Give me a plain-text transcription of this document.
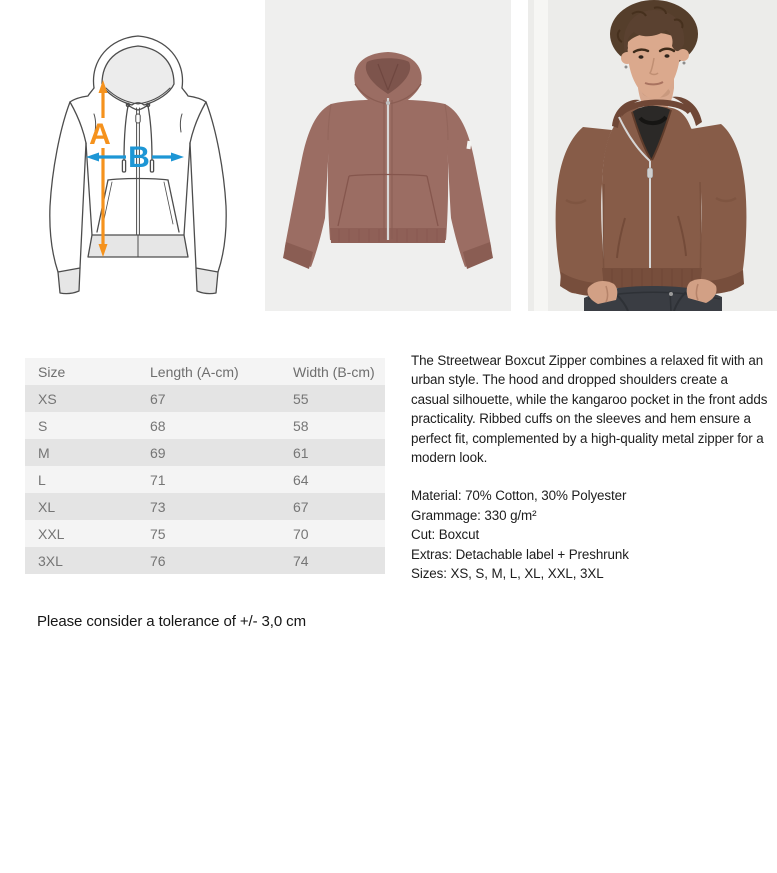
A
B
Size	Length (A-cm)	Width (B-cm)
XS	67	55
S	68	58
M	69	61
L	71	64
XL	73	67
XXL	75	70
3XL	76	74

The Streetwear Boxcut Zipper combines a relaxed fit with an urban style. The hood and dropped shoulders create a casual silhouette, while the kangaroo pocket in the front adds practicality. Ribbed cuffs on the sleeves and hem ensure a perfect fit, complemented by a high-quality metal zipper for a modern look.

Material: 70% Cotton, 30% Polyester
Grammage: 330 g/m²
Cut: Boxcut
Extras: Detachable label + Preshrunk
Sizes: XS, S, M, L, XL, XXL, 3XL

Please consider a tolerance of +/- 3,0 cm
